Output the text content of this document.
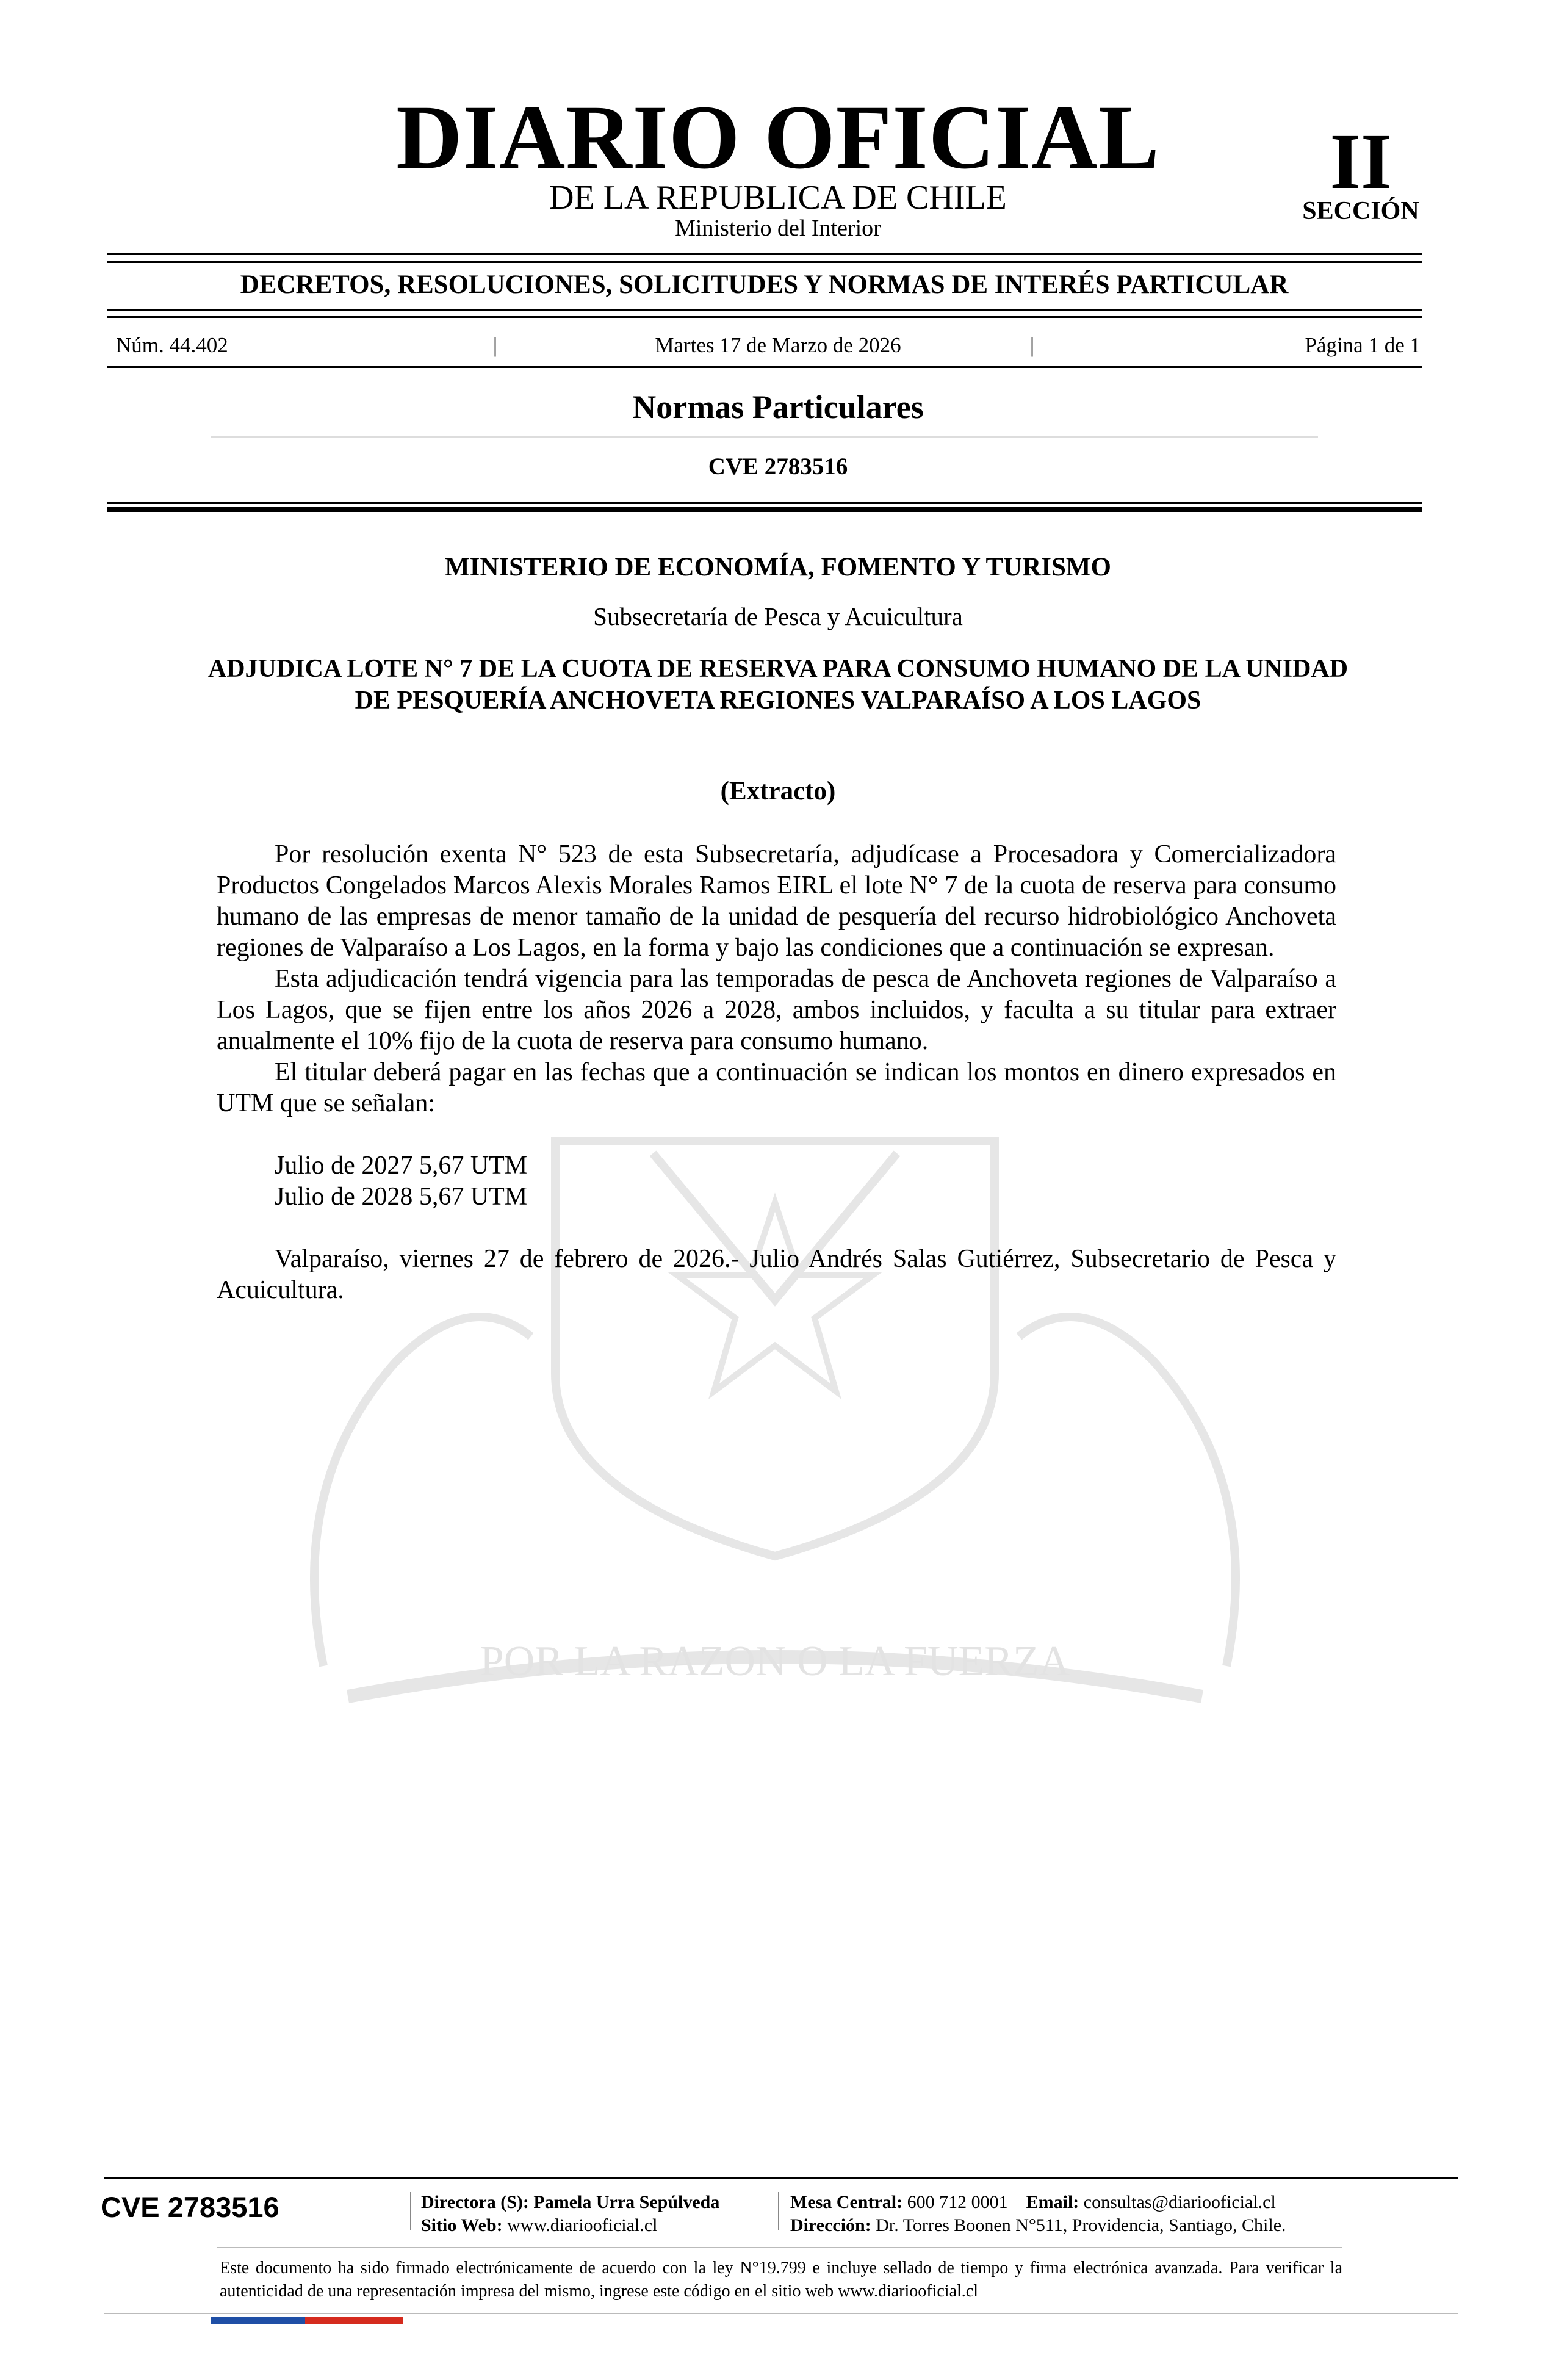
POR LA RAZON O LA FUERZA
DIARIO OFICIAL
DE LA REPUBLICA DE CHILE
Ministerio del Interior
II
SECCIÓN
DECRETOS, RESOLUCIONES, SOLICITUDES Y NORMAS DE INTERÉS PARTICULAR
Núm. 44.402	|	Martes 17 de Marzo de 2026	|	Página 1 de 1
Normas Particulares
CVE 2783516
MINISTERIO DE ECONOMÍA, FOMENTO Y TURISMO
Subsecretaría de Pesca y Acuicultura
ADJUDICA LOTE N° 7 DE LA CUOTA DE RESERVA PARA CONSUMO HUMANO DE LA UNIDAD DE PESQUERÍA ANCHOVETA REGIONES VALPARAÍSO A LOS LAGOS
(Extracto)

Por resolución exenta N° 523 de esta Subsecretaría, adjudícase a Procesadora y Comercializadora Productos Congelados Marcos Alexis Morales Ramos EIRL el lote N° 7 de la cuota de reserva para consumo humano de las empresas de menor tamaño de la unidad de pesquería del recurso hidrobiológico Anchoveta regiones de Valparaíso a Los Lagos, en la forma y bajo las condiciones que a continuación se expresan.

Esta adjudicación tendrá vigencia para las temporadas de pesca de Anchoveta regiones de Valparaíso a Los Lagos, que se fijen entre los años 2026 a 2028, ambos incluidos, y faculta a su titular para extraer anualmente el 10% fijo de la cuota de reserva para consumo humano.

El titular deberá pagar en las fechas que a continuación se indican los montos en dinero expresados en UTM que se señalan:

Julio de 2027 5,67 UTM

Julio de 2028 5,67 UTM

Valparaíso, viernes 27 de febrero de 2026.- Julio Andrés Salas Gutiérrez, Subsecretario de Pesca y Acuicultura.

CVE 2783516	Directora (S): Pamela Urra Sepúlveda
Sitio Web: www.diariooficial.cl
Mesa Central: 600 712 0001 Email: consultas@diariooficial.cl
Dirección: Dr. Torres Boonen N°511, Providencia, Santiago, Chile.
Este documento ha sido firmado electrónicamente de acuerdo con la ley N°19.799 e incluye sellado de tiempo y firma electrónica avanzada. Para verificar la autenticidad de una representación impresa del mismo, ingrese este código en el sitio web www.diariooficial.cl
